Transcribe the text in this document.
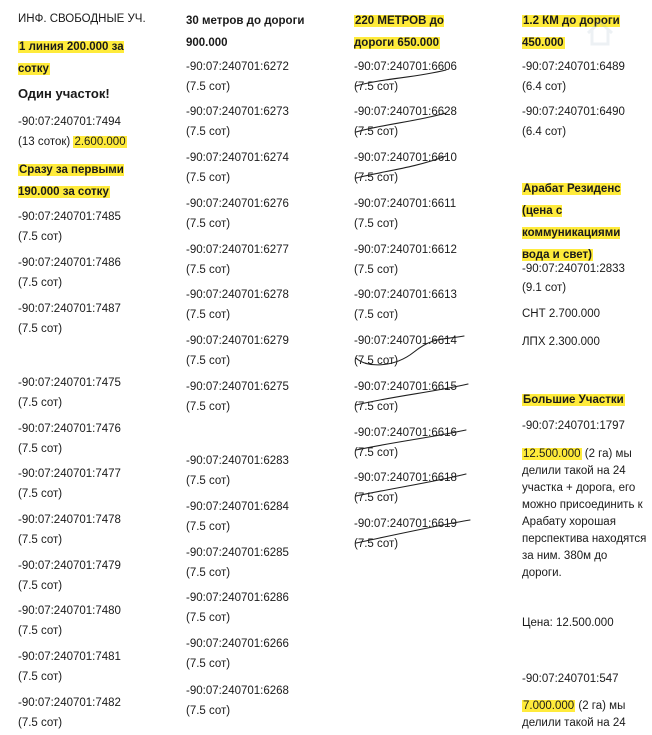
ИНФ. СВОБОДНЫЕ УЧ.
1 линия 200.000 за сотку
Один участок!
-90:07:240701:7494
(13 соток) 2.600.000
Сразу за первыми 190.000 за сотку
-90:07:240701:7485
(7.5 сот)
-90:07:240701:7486
(7.5 сот)
-90:07:240701:7487
(7.5 сот)
-90:07:240701:7475
(7.5 сот)
-90:07:240701:7476
(7.5 сот)
-90:07:240701:7477
(7.5 сот)
-90:07:240701:7478
(7.5 сот)
-90:07:240701:7479
(7.5 сот)
-90:07:240701:7480
(7.5 сот)
-90:07:240701:7481
(7.5 сот)
-90:07:240701:7482
(7.5 сот)
30 метров до дороги 900.000
-90:07:240701:6272
(7.5 сот)
-90:07:240701:6273
(7.5 сот)
-90:07:240701:6274
(7.5 сот)
-90:07:240701:6276
(7.5 сот)
-90:07:240701:6277
(7.5 сот)
-90:07:240701:6278
(7.5 сот)
-90:07:240701:6279
(7.5 сот)
-90:07:240701:6275
(7.5 сот)
-90:07:240701:6283
(7.5 сот)
-90:07:240701:6284
(7.5 сот)
-90:07:240701:6285
(7.5 сот)
-90:07:240701:6286
(7.5 сот)
-90:07:240701:6266
(7.5 сот)
-90:07:240701:6268
(7.5 сот)
220 МЕТРОВ до дороги 650.000
-90:07:240701:6606
(7.5 сот)
-90:07:240701:6628
(7.5 сот)
-90:07:240701:6610
(7.5 сот)
-90:07:240701:6611
(7.5 сот)
-90:07:240701:6612
(7.5 сот)
-90:07:240701:6613
(7.5 сот)
-90:07:240701:6614
(7.5 сот)
-90:07:240701:6615
(7.5 сот)
-90:07:240701:6616
(7.5 сот)
-90:07:240701:6618
(7.5 сот)
-90:07:240701:6619
(7.5 сот)
1.2 КМ до дороги 450.000
-90:07:240701:6489
(6.4 сот)
-90:07:240701:6490
(6.4 сот)
Арабат Резиденс (цена с коммуникациями вода и свет)
-90:07:240701:2833
(9.1 сот)
СНТ 2.700.000
ЛПХ 2.300.000
Большие Участки
-90:07:240701:1797
12.500.000 (2 га) мы делили такой на 24 участка + дорога, его можно присоединить к Арабату хорошая перспектива находятся за ним. 380м до дороги.
Цена: 12.500.000
-90:07:240701:547
7.000.000 (2 га) мы делили такой на 24
